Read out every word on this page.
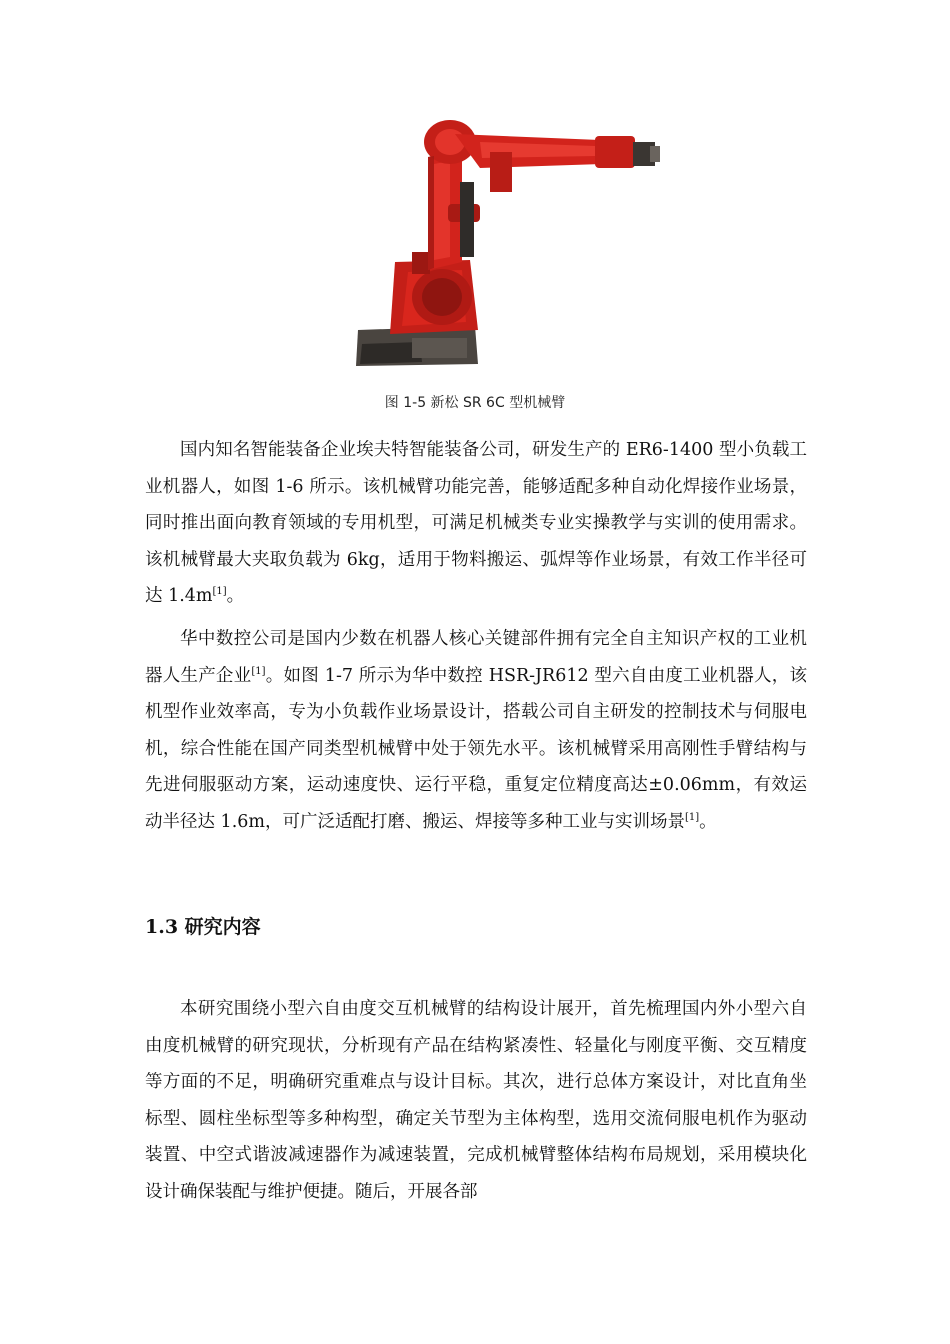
图 1-5 新松 SR 6C 型机械臂

国内知名智能装备企业埃夫特智能装备公司，研发生产的 ER6-1400 型小负载工业机器人，如图 1-6 所示。该机械臂功能完善，能够适配多种自动化焊接作业场景，同时推出面向教育领域的专用机型，可满足机械类专业实操教学与实训的使用需求。该机械臂最大夹取负载为 6kg，适用于物料搬运、弧焊等作业场景，有效工作半径可达 1.4m[1]。

华中数控公司是国内少数在机器人核心关键部件拥有完全自主知识产权的工业机器人生产企业[1]。如图 1-7 所示为华中数控 HSR-JR612 型六自由度工业机器人，该机型作业效率高，专为小负载作业场景设计，搭载公司自主研发的控制技术与伺服电机，综合性能在国产同类型机械臂中处于领先水平。该机械臂采用高刚性手臂结构与先进伺服驱动方案，运动速度快、运行平稳，重复定位精度高达±0.06mm，有效运动半径达 1.6m，可广泛适配打磨、搬运、焊接等多种工业与实训场景[1]。

1.3 研究内容

本研究围绕小型六自由度交互机械臂的结构设计展开，首先梳理国内外小型六自由度机械臂的研究现状，分析现有产品在结构紧凑性、轻量化与刚度平衡、交互精度等方面的不足，明确研究重难点与设计目标。其次，进行总体方案设计，对比直角坐标型、圆柱坐标型等多种构型，确定关节型为主体构型，选用交流伺服电机作为驱动装置、中空式谐波减速器作为减速装置，完成机械臂整体结构布局规划，采用模块化设计确保装配与维护便捷。随后，开展各部
